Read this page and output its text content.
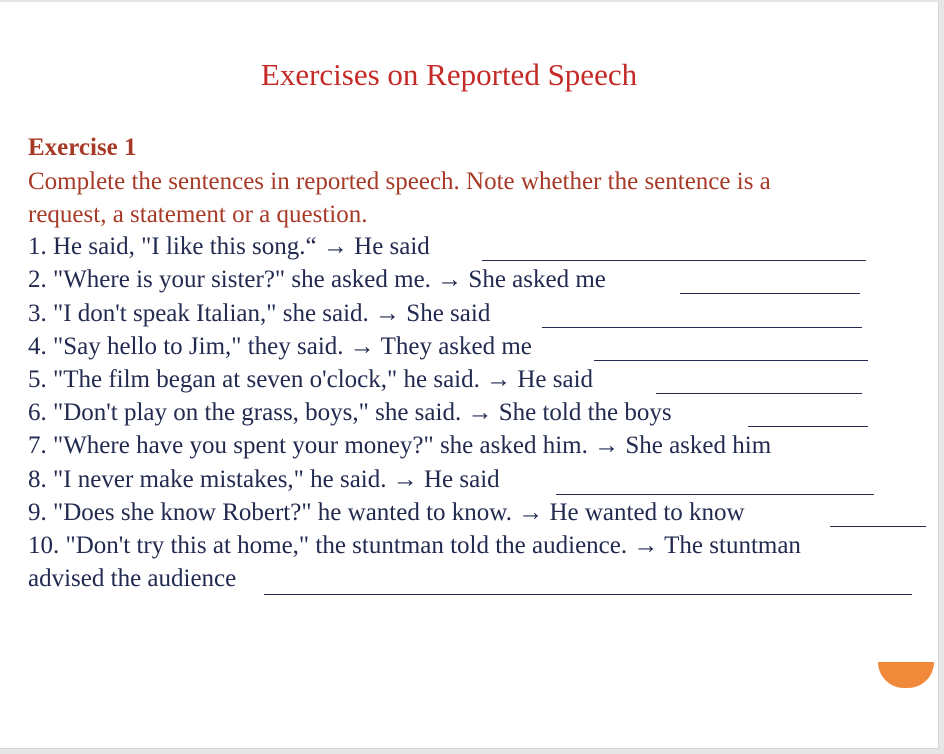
Exercises on Reported Speech
Exercise 1
Complete the sentences in reported speech. Note whether the sentence is a
request, a statement or a question.
1. He said, "I like this song.“ → He said
2. "Where is your sister?" she asked me. → She asked me
3. "I don't speak Italian," she said. → She said
4. "Say hello to Jim," they said. → They asked me
5. "The film began at seven o'clock," he said. → He said
6. "Don't play on the grass, boys," she said. → She told the boys
7. "Where have you spent your money?" she asked him. → She asked him
8. "I never make mistakes," he said. → He said
9. "Does she know Robert?" he wanted to know. → He wanted to know
10. "Don't try this at home," the stuntman told the audience. → The stuntman
advised the audience
